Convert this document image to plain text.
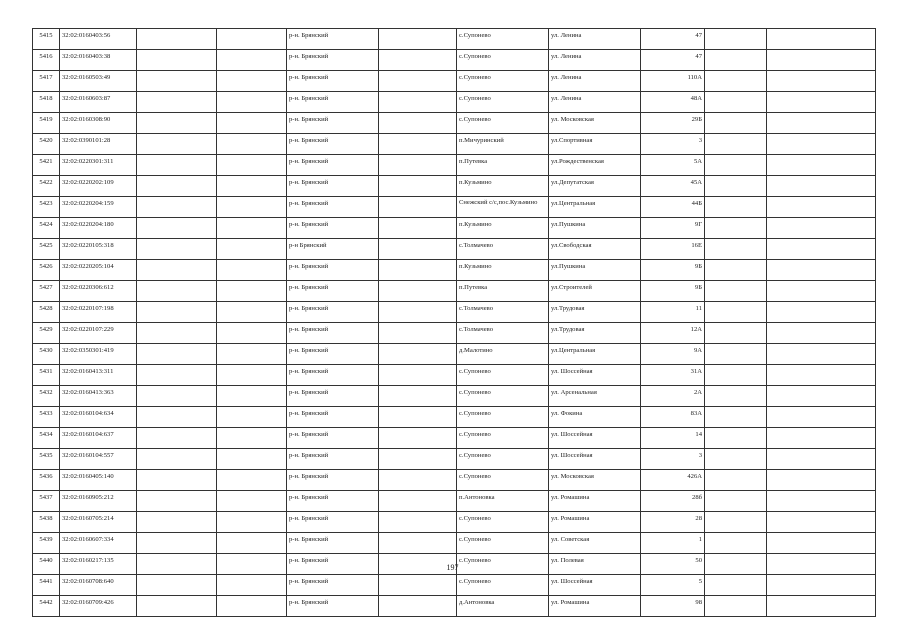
5415	32:02:0160403:56			р-н. Брянский		с.Супонево	ул. Ленина	47		
5416	32:02:0160403:38			р-н. Брянский		с.Супонево	ул. Ленина	47		
5417	32:02:0160503:49			р-н. Брянский		с.Супонево	ул. Ленина	110А		
5418	32:02:0160603:87			р-н. Брянский		с.Супонево	ул. Ленина	48А		
5419	32:02:0160308:90			р-н. Брянский		с.Супонево	ул. Московская	29Б		
5420	32:02:0390101:28			р-н. Брянский		п.Мичуринский	ул.Спортивная	3		
5421	32:02:0220301:311			р-н. Брянский		п.Путевка	ул.Рождественская	5А		
5422	32:02:0220202:109			р-н. Брянский		п.Кузьмино	ул.Депутатская	45А		
5423	32:02:0220204:159			р-н. Брянский		Снежский с/с,пос.Кузьмино	ул.Центральная	44Б		
5424	32:02:0220204:180			р-н. Брянский		п.Кузьмино	ул.Пушкина	9Г		
5425	32:02:0220105:318			р-н Брянский		с.Толмачево	ул.Свободская	16Е		
5426	32:02:0220205:104			р-н. Брянский		п.Кузьмино	ул.Пушкина	9Б		
5427	32:02:0220306:612			р-н. Брянский		п.Путевка	ул.Строителей	9Б		
5428	32:02:0220107:198			р-н. Брянский		с.Толмачево	ул.Трудовая	11		
5429	32:02:0220107:229			р-н. Брянский		с.Толмачево	ул.Трудовая	12А		
5430	32:02:0350301:419			р-н. Брянский		д.Малотино	ул.Центральная	9А		
5431	32:02:0160413:311			р-н. Брянский		с.Супонево	ул. Шоссейная	31А		
5432	32:02:0160413:363			р-н. Брянский		с.Супонево	ул. Арсенальная	2А		
5433	32:02:0160104:634			р-н. Брянский		с.Супонево	ул. Фокина	83А		
5434	32:02:0160104:637			р-н. Брянский		с.Супонево	ул. Шоссейная	14		
5435	32:02:0160104:557			р-н. Брянский		с.Супонево	ул. Шоссейная	3		
5436	32:02:0160405:140			р-н. Брянский		с.Супонево	ул. Московская	426А		
5437	32:02:0160905:212			р-н. Брянский		п.Антоновка	ул. Ромашина	28б		
5438	32:02:0160705:214			р-н. Брянский		с.Супонево	ул. Ромашина	28		
5439	32:02:0160607:334			р-н. Брянский		с.Супонево	ул. Советская	1		
5440	32:02:0160217:135			р-н. Брянский		с.Супонево	ул. Полевая	50		
5441	32:02:0160708:640			р-н. Брянский		с.Супонево	ул. Шоссейная	5		
5442	32:02:0160709:426			р-н. Брянский		д.Антоновка	ул. Ромашина	98		
197
